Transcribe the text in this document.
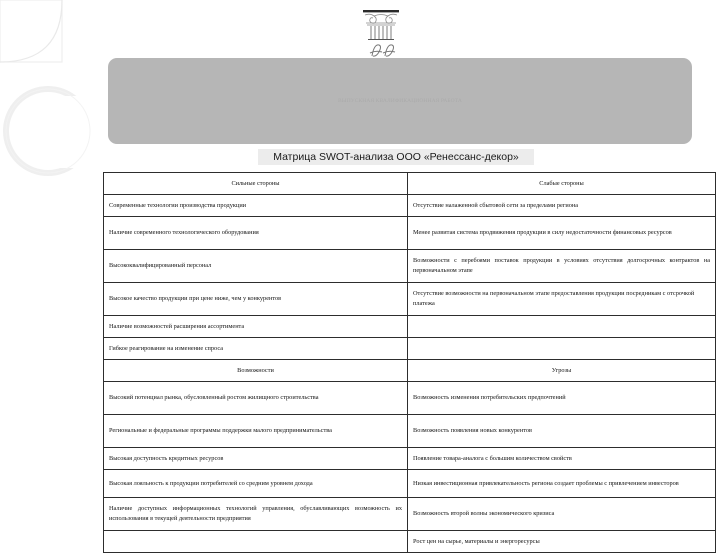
ВЫПУСКНАЯ КВАЛИФИКАЦИОННАЯ РАБОТА
Матрица SWOT-анализа ООО «Ренессанс-декор»
Сильные стороны	Слабые стороны
Современные технологии производства продукции	Отсутствие налаженной сбытовой сети за пределами региона
Наличие современного технологического оборудования	Менее развитая система продвижения продукции в силу недостаточности финансовых ресурсов
Высококвалифицированный персонал	Возможности с перебоями поставок продукции в условиях отсутствия долгосрочных контрактов на первоначальном этапе
Высокое качество продукции при цене ниже, чем у конкурентов	Отсутствие возможности на первоначальном этапе предоставления продукции посредникам с отсрочкой платежа
Наличие возможностей расширения ассортимента	
Гибкое реагирование на изменение спроса	
Возможности	Угрозы
Высокий потенциал рынка, обусловленный ростом жилищного строительства	Возможность изменения потребительских предпочтений
Региональные и федеральные программы поддержки малого предпринимательства	Возможность появления новых конкурентов
Высокая доступность кредитных ресурсов	Появление товара-аналога с большим количеством свойств
Высокая лояльность к продукции потребителей со средним уровнем дохода	Низкая инвестиционная привлекательность региона создает проблемы с привлечением инвесторов
Наличие доступных информационных технологий управления, обуславливающих возможность их использования в текущей деятельности предприятия	Возможность второй волны экономического кризиса
	Рост цен на сырье, материалы и энергоресурсы
